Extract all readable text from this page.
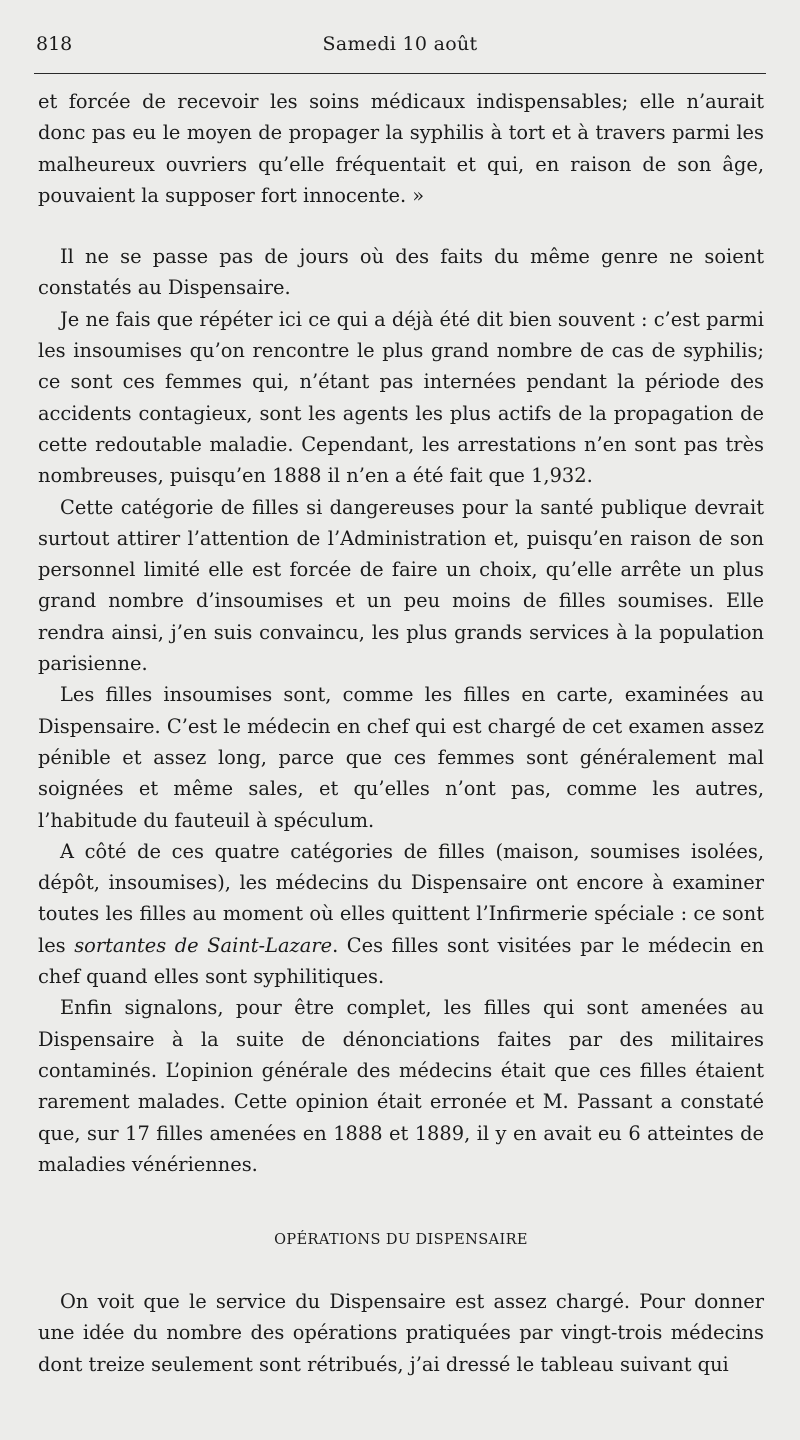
818	Samedi 10 août

et forcée de recevoir les soins médicaux indispensables; elle n’aurait donc pas eu le moyen de propager la syphilis à tort et à travers parmi les malheureux ouvriers qu’elle fréquentait et qui, en raison de son âge, pouvaient la supposer fort innocente. »

Il ne se passe pas de jours où des faits du même genre ne soient constatés au Dispensaire.

Je ne fais que répéter ici ce qui a déjà été dit bien souvent : c’est parmi les insoumises qu’on rencontre le plus grand nombre de cas de syphilis; ce sont ces femmes qui, n’étant pas internées pendant la période des accidents contagieux, sont les agents les plus actifs de la propagation de cette redoutable maladie. Cependant, les arrestations n’en sont pas très nombreuses, puisqu’en 1888 il n’en a été fait que 1,932.

Cette catégorie de filles si dangereuses pour la santé publique devrait surtout attirer l’attention de l’Administration et, puisqu’en raison de son personnel limité elle est forcée de faire un choix, qu’elle arrête un plus grand nombre d’insoumises et un peu moins de filles soumises. Elle rendra ainsi, j’en suis convaincu, les plus grands services à la population parisienne.

Les filles insoumises sont, comme les filles en carte, examinées au Dispensaire. C’est le médecin en chef qui est chargé de cet examen assez pénible et assez long, parce que ces femmes sont généralement mal soignées et même sales, et qu’elles n’ont pas, comme les autres, l’habitude du fauteuil à spéculum.

A côté de ces quatre catégories de filles (maison, soumises isolées, dépôt, insoumises), les médecins du Dispensaire ont encore à examiner toutes les filles au moment où elles quittent l’Infirmerie spéciale : ce sont les sortantes de Saint-Lazare. Ces filles sont visitées par le médecin en chef quand elles sont syphilitiques.

Enfin signalons, pour être complet, les filles qui sont amenées au Dispensaire à la suite de dénonciations faites par des militaires contaminés. L’opinion générale des médecins était que ces filles étaient rarement malades. Cette opinion était erronée et M. Passant a constaté que, sur 17 filles amenées en 1888 et 1889, il y en avait eu 6 atteintes de maladies vénériennes.

OPÉRATIONS DU DISPENSAIRE

On voit que le service du Dispensaire est assez chargé. Pour donner une idée du nombre des opérations pratiquées par vingt-trois médecins dont treize seulement sont rétribués, j’ai dressé le tableau suivant qui
